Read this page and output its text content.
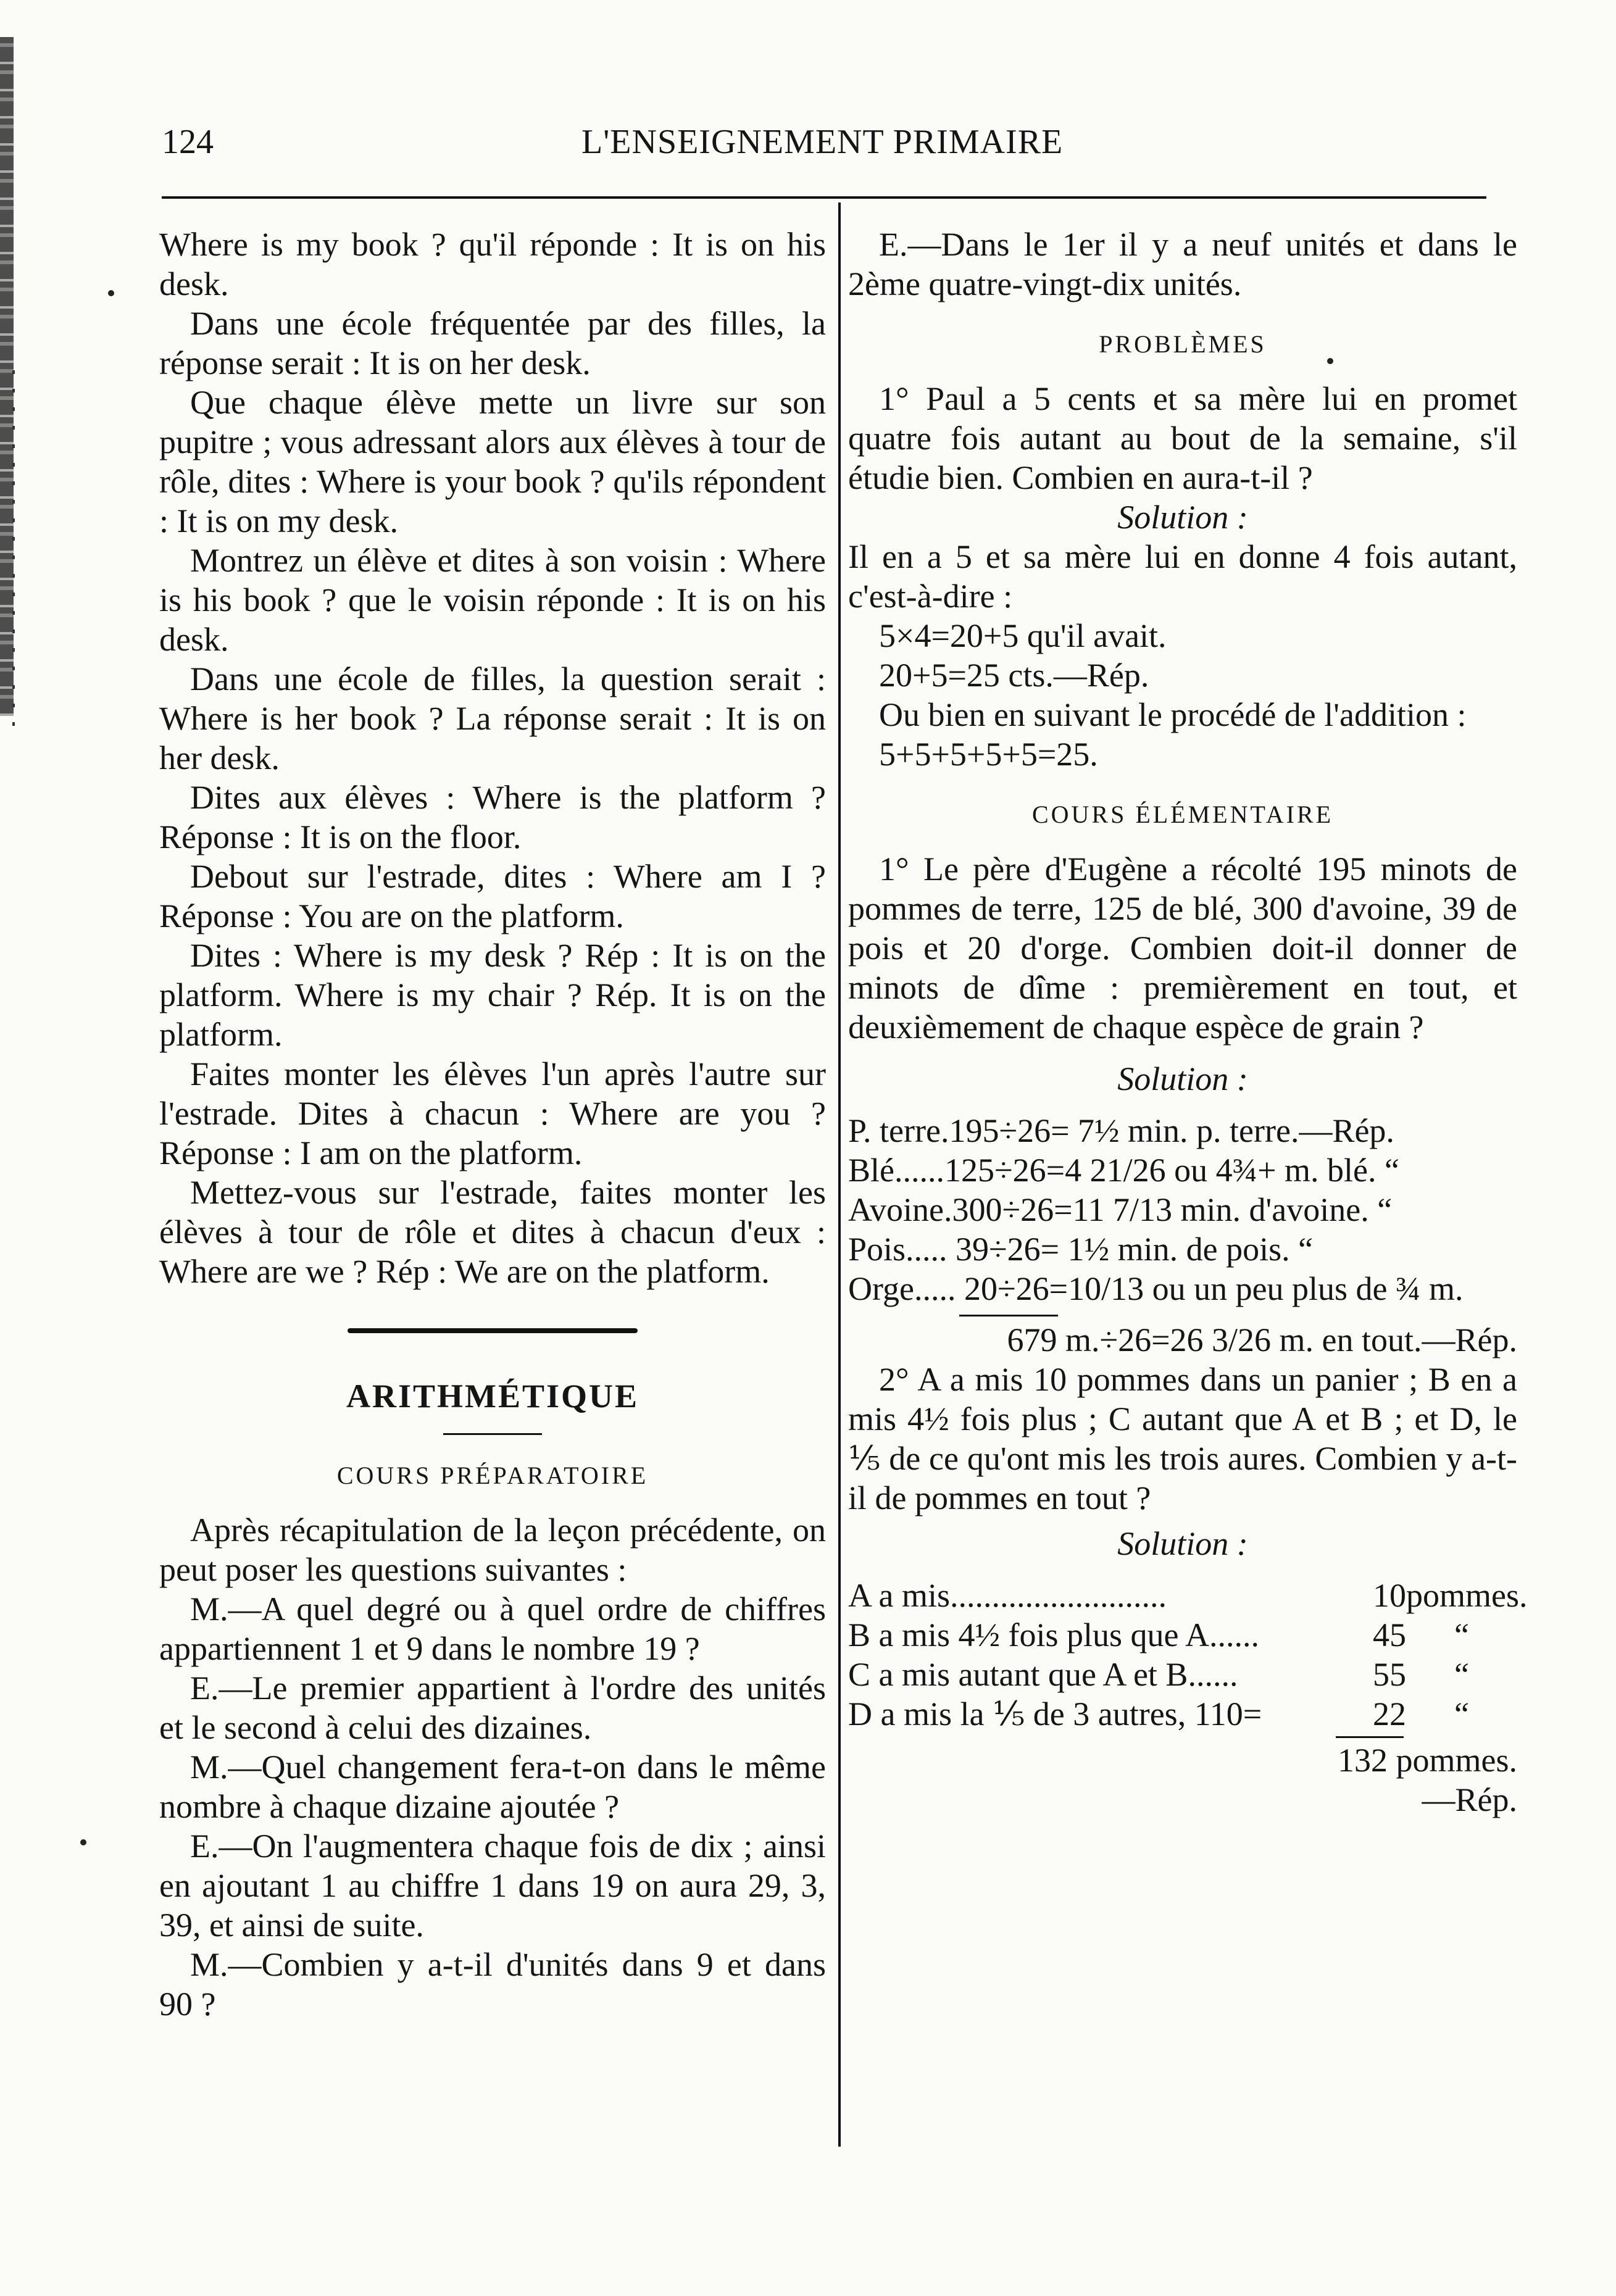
124	L'ENSEIGNEMENT PRIMAIRE

Where is my book ? qu'il réponde : It is on his desk.

Dans une école fréquentée par des filles, la réponse serait : It is on her desk.

Que chaque élève mette un livre sur son pupitre ; vous adressant alors aux élèves à tour de rôle, dites : Where is your book ? qu'ils répondent : It is on my desk.

Montrez un élève et dites à son voisin : Where is his book ? que le voisin réponde : It is on his desk.

Dans une école de filles, la question serait : Where is her book ? La réponse serait : It is on her desk.

Dites aux élèves : Where is the platform ? Réponse : It is on the floor.

Debout sur l'estrade, dites : Where am I ? Réponse : You are on the platform.

Dites : Where is my desk ? Rép : It is on the platform. Where is my chair ? Rép. It is on the platform.

Faites monter les élèves l'un après l'autre sur l'estrade. Dites à chacun : Where are you ? Réponse : I am on the platform.

Mettez-vous sur l'estrade, faites monter les élèves à tour de rôle et dites à chacun d'eux : Where are we ? Rép : We are on the platform.

ARITHMÉTIQUE
COURS PRÉPARATOIRE

Après récapitulation de la leçon précédente, on peut poser les questions suivantes :

M.—A quel degré ou à quel ordre de chiffres appartiennent 1 et 9 dans le nombre 19 ?

E.—Le premier appartient à l'ordre des unités et le second à celui des dizaines.

M.—Quel changement fera-t-on dans le même nombre à chaque dizaine ajoutée ?

E.—On l'augmentera chaque fois de dix ; ainsi en ajoutant 1 au chiffre 1 dans 19 on aura 29, 3, 39, et ainsi de suite.

M.—Combien y a-t-il d'unités dans 9 et dans 90 ?

E.—Dans le 1er il y a neuf unités et dans le 2ème quatre-vingt-dix unités.

PROBLÈMES

1° Paul a 5 cents et sa mère lui en promet quatre fois autant au bout de la semaine, s'il étudie bien. Combien en aura-t-il ?

Solution :

Il en a 5 et sa mère lui en donne 4 fois autant, c'est-à-dire :

5×4=20+5 qu'il avait.

20+5=25 cts.—Rép.

Ou bien en suivant le procédé de l'addition :

5+5+5+5+5=25.

COURS ÉLÉMENTAIRE

1° Le père d'Eugène a récolté 195 minots de pommes de terre, 125 de blé, 300 d'avoine, 39 de pois et 20 d'orge. Combien doit-il donner de minots de dîme : premièrement en tout, et deuxièmement de chaque espèce de grain ?

Solution :

P. terre.195÷26= 7½ min. p. terre.—Rép.

Blé......125÷26=4 21/26 ou 4¾+ m. blé. “

Avoine.300÷26=11 7/13 min. d'avoine. “

Pois..... 39÷26= 1½ min. de pois. “

Orge..... 20÷26=10/13 ou un peu plus de ¾ m.

679 m.÷26=26 3/26 m. en tout.—Rép.

2° A a mis 10 pommes dans un panier ; B en a mis 4½ fois plus ; C autant que A et B ; et D, le ⅕ de ce qu'ont mis les trois aures. Combien y a-t-il de pommes en tout ?

Solution :

A a mis..........................	10 pommes.
B a mis 4½ fois plus que A......	45	“
C a mis autant que A et B......	55	“
D a mis la ⅕ de 3 autres, 110=	22	“

132 pommes.

—Rép.
